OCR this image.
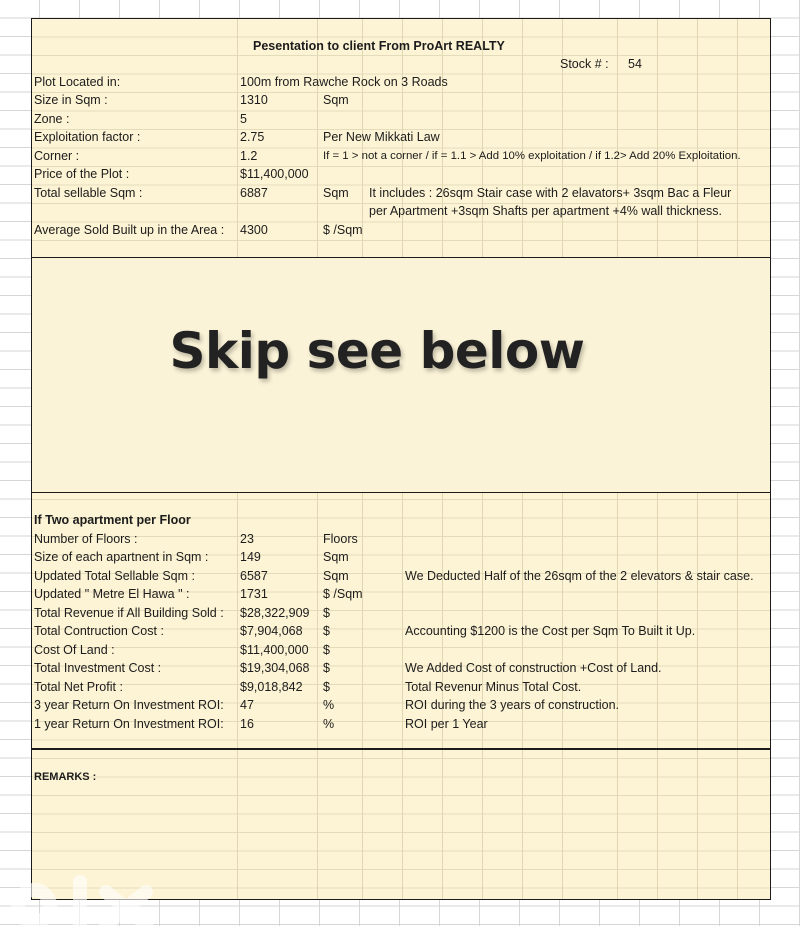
Pesentation to client From ProArt REALTY
Stock # : 54
Plot Located in:	100m from Rawche Rock on 3 Roads
Size in Sqm :	1310	Sqm
Zone :	5
Exploitation factor :	2.75	Per New Mikkati Law
Corner :	1.2	If = 1 > not a corner / if = 1.1 > Add 10% exploitation / if 1.2> Add 20% Exploitation.
Price of the Plot :	$11,400,000
Total sellable Sqm :	6887	Sqm It includes : 26sqm Stair case with 2 elavators+ 3sqm Bac a Fleur
per Apartment +3sqm Shafts per apartment +4% wall thickness.
Average Sold Built up in the Area : 4300	$ /Sqm
Skip see below
If Two apartment per Floor
Number of Floors :	23	Floors
Size of each apartnent in Sqm :	149	Sqm
Updated Total Sellable Sqm :	6587	Sqm	We Deducted Half of the 26sqm of the 2 elevators & stair case.
Updated " Metre El Hawa " :	1731	$ /Sqm
Total Revenue if All Building Sold : $28,322,909 $
Total Contruction Cost :	$7,904,068 $	Accounting $1200 is the Cost per Sqm To Built it Up.
Cost Of Land :	$11,400,000 $
Total Investment Cost :	$19,304,068 $	We Added Cost of construction +Cost of Land.
Total Net Profit :	$9,018,842 $	Total Revenur Minus Total Cost.
3 year Return On Investment ROI: 47	%	ROI during the 3 years of construction.
1 year Return On Investment ROI: 16	%	ROI per 1 Year
REMARKS :
